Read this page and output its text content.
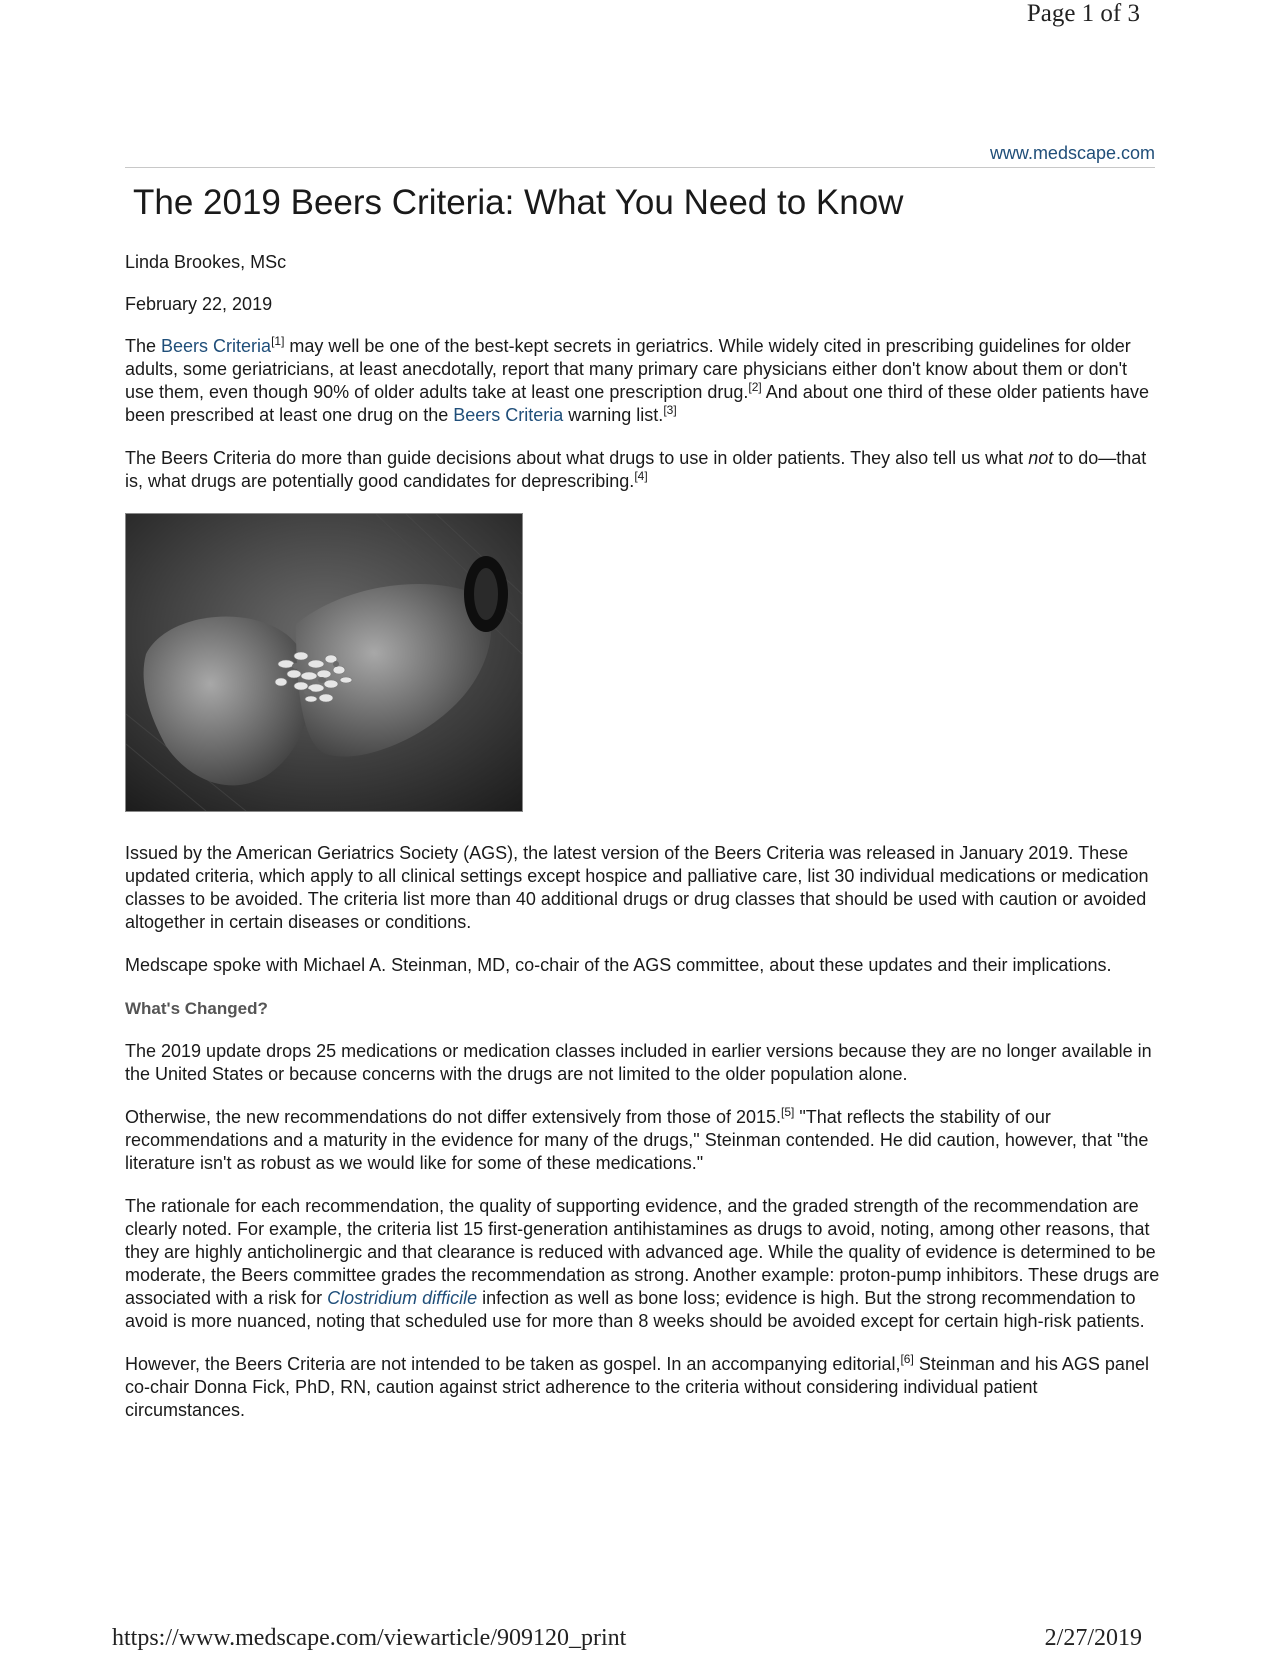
Page 1 of 3
www.medscape.com
The 2019 Beers Criteria: What You Need to Know
Linda Brookes, MSc
February 22, 2019

The Beers Criteria[1] may well be one of the best-kept secrets in geriatrics. While widely cited in prescribing guidelines for older adults, some geriatricians, at least anecdotally, report that many primary care physicians either don't know about them or don't use them, even though 90% of older adults take at least one prescription drug.[2] And about one third of these older patients have been prescribed at least one drug on the Beers Criteria warning list.[3]

The Beers Criteria do more than guide decisions about what drugs to use in older patients. They also tell us what not to do—that is, what drugs are potentially good candidates for deprescribing.[4]

Issued by the American Geriatrics Society (AGS), the latest version of the Beers Criteria was released in January 2019. These updated criteria, which apply to all clinical settings except hospice and palliative care, list 30 individual medications or medication classes to be avoided. The criteria list more than 40 additional drugs or drug classes that should be used with caution or avoided altogether in certain diseases or conditions.

Medscape spoke with Michael A. Steinman, MD, co-chair of the AGS committee, about these updates and their implications.

What's Changed?

The 2019 update drops 25 medications or medication classes included in earlier versions because they are no longer available in the United States or because concerns with the drugs are not limited to the older population alone.

Otherwise, the new recommendations do not differ extensively from those of 2015.[5] "That reflects the stability of our recommendations and a maturity in the evidence for many of the drugs," Steinman contended. He did caution, however, that "the literature isn't as robust as we would like for some of these medications."

The rationale for each recommendation, the quality of supporting evidence, and the graded strength of the recommendation are clearly noted. For example, the criteria list 15 first-generation antihistamines as drugs to avoid, noting, among other reasons, that they are highly anticholinergic and that clearance is reduced with advanced age. While the quality of evidence is determined to be moderate, the Beers committee grades the recommendation as strong. Another example: proton-pump inhibitors. These drugs are associated with a risk for Clostridium difficile infection as well as bone loss; evidence is high. But the strong recommendation to avoid is more nuanced, noting that scheduled use for more than 8 weeks should be avoided except for certain high-risk patients.

However, the Beers Criteria are not intended to be taken as gospel. In an accompanying editorial,[6] Steinman and his AGS panel co-chair Donna Fick, PhD, RN, caution against strict adherence to the criteria without considering individual patient circumstances.

https://www.medscape.com/viewarticle/909120_print	2/27/2019
